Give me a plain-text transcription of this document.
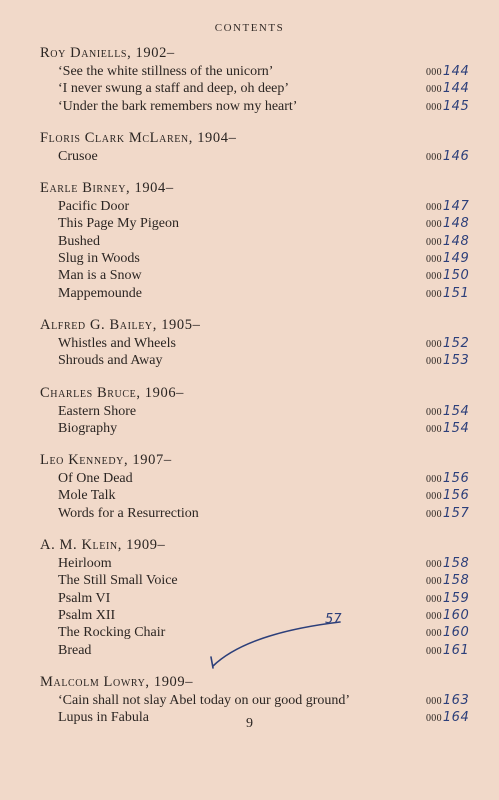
CONTENTS
Roy Daniells, 1902–
‘See the white stillness of the unicorn’	000144
‘I never swung a staff and deep, oh deep’	000144
‘Under the bark remembers now my heart’	000145
Floris Clark McLaren, 1904–
Crusoe	000146
Earle Birney, 1904–
Pacific Door	000147
This Page My Pigeon	000148
Bushed	000148
Slug in Woods	000149
Man is a Snow	000150
Mappemounde	000151
Alfred G. Bailey, 1905–
Whistles and Wheels	000152
Shrouds and Away	000153
Charles Bruce, 1906–
Eastern Shore	000154
Biography	000154
Leo Kennedy, 1907–
Of One Dead	000156
Mole Talk	000156
Words for a Resurrection	000157
A. M. Klein, 1909–
Heirloom	000158
The Still Small Voice	000158
Psalm VI	000159
Psalm XII	000160
The Rocking Chair	000160
Bread	000161
Malcolm Lowry, 1909–
‘Cain shall not slay Abel today on our good ground’	000163
Lupus in Fabula	000164
57
9
